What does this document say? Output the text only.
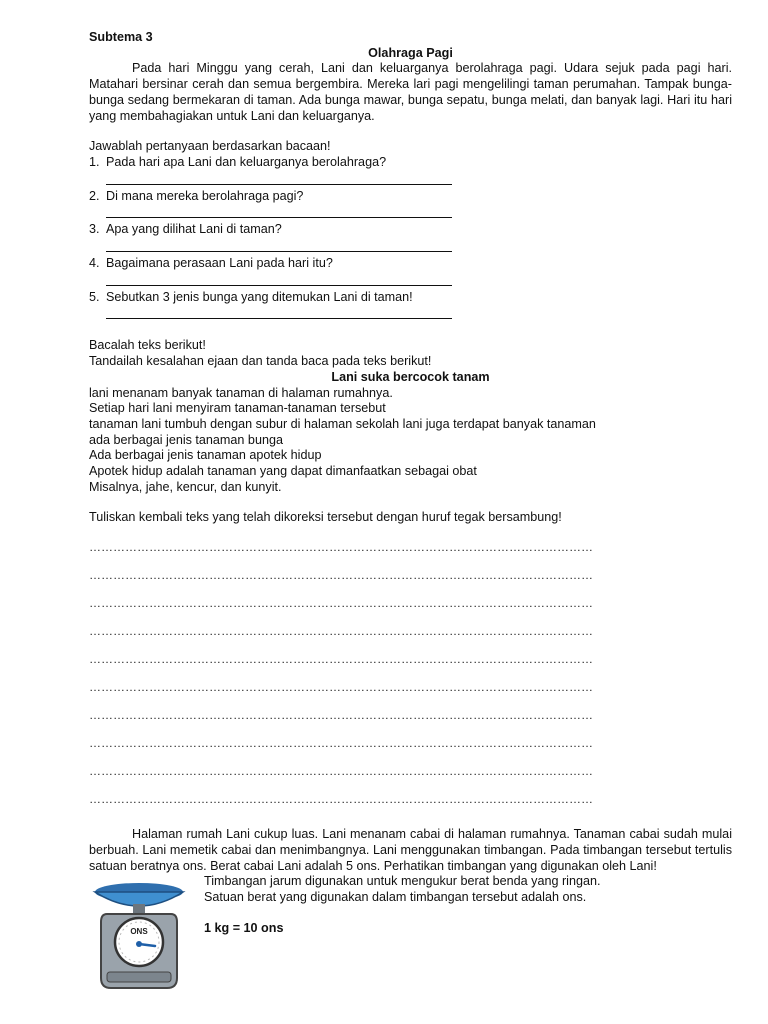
Subtema 3

Olahraga Pagi

Pada hari Minggu yang cerah, Lani dan keluarganya berolahraga pagi. Udara sejuk pada pagi hari. Matahari bersinar cerah dan semua bergembira. Mereka lari pagi mengelilingi taman perumahan. Tampak bunga-bunga sedang bermekaran di taman. Ada bunga mawar, bunga sepatu, bunga melati, dan banyak lagi. Hari itu hari yang membahagiakan untuk Lani dan keluarganya.

Jawablah pertanyaan berdasarkan bacaan!

1. Pada hari apa Lani dan keluarganya berolahraga?
2. Di mana mereka berolahraga pagi?
3. Apa yang dilihat Lani di taman?
4. Bagaimana perasaan Lani pada hari itu?
5. Sebutkan 3 jenis bunga yang ditemukan Lani di taman!

Bacalah teks berikut!

Tandailah kesalahan ejaan dan tanda baca pada teks berikut!

Lani suka bercocok tanam

lani menanam banyak tanaman di halaman rumahnya.

Setiap hari lani menyiram tanaman-tanaman tersebut

tanaman lani tumbuh dengan subur di halaman sekolah lani juga terdapat banyak tanaman

ada berbagai jenis tanaman bunga

Ada berbagai jenis tanaman apotek hidup

Apotek hidup adalah tanaman yang dapat dimanfaatkan sebagai obat

Misalnya, jahe, kencur, dan kunyit.

Tuliskan kembali teks yang telah dikoreksi tersebut dengan huruf tegak bersambung!

………………………………………………………………………………………………………………
………………………………………………………………………………………………………………
………………………………………………………………………………………………………………
………………………………………………………………………………………………………………
………………………………………………………………………………………………………………
………………………………………………………………………………………………………………
………………………………………………………………………………………………………………
………………………………………………………………………………………………………………
………………………………………………………………………………………………………………
………………………………………………………………………………………………………………

Halaman rumah Lani cukup luas. Lani menanam cabai di halaman rumahnya. Tanaman cabai sudah mulai berbuah. Lani memetik cabai dan menimbangnya. Lani menggunakan timbangan. Pada timbangan tersebut tertulis satuan beratnya ons. Berat cabai Lani adalah 5 ons. Perhatikan timbangan yang digunakan oleh Lani!

ONS

Timbangan jarum digunakan untuk mengukur berat benda yang ringan.

Satuan berat yang digunakan dalam timbangan tersebut adalah ons.

1 kg = 10 ons
